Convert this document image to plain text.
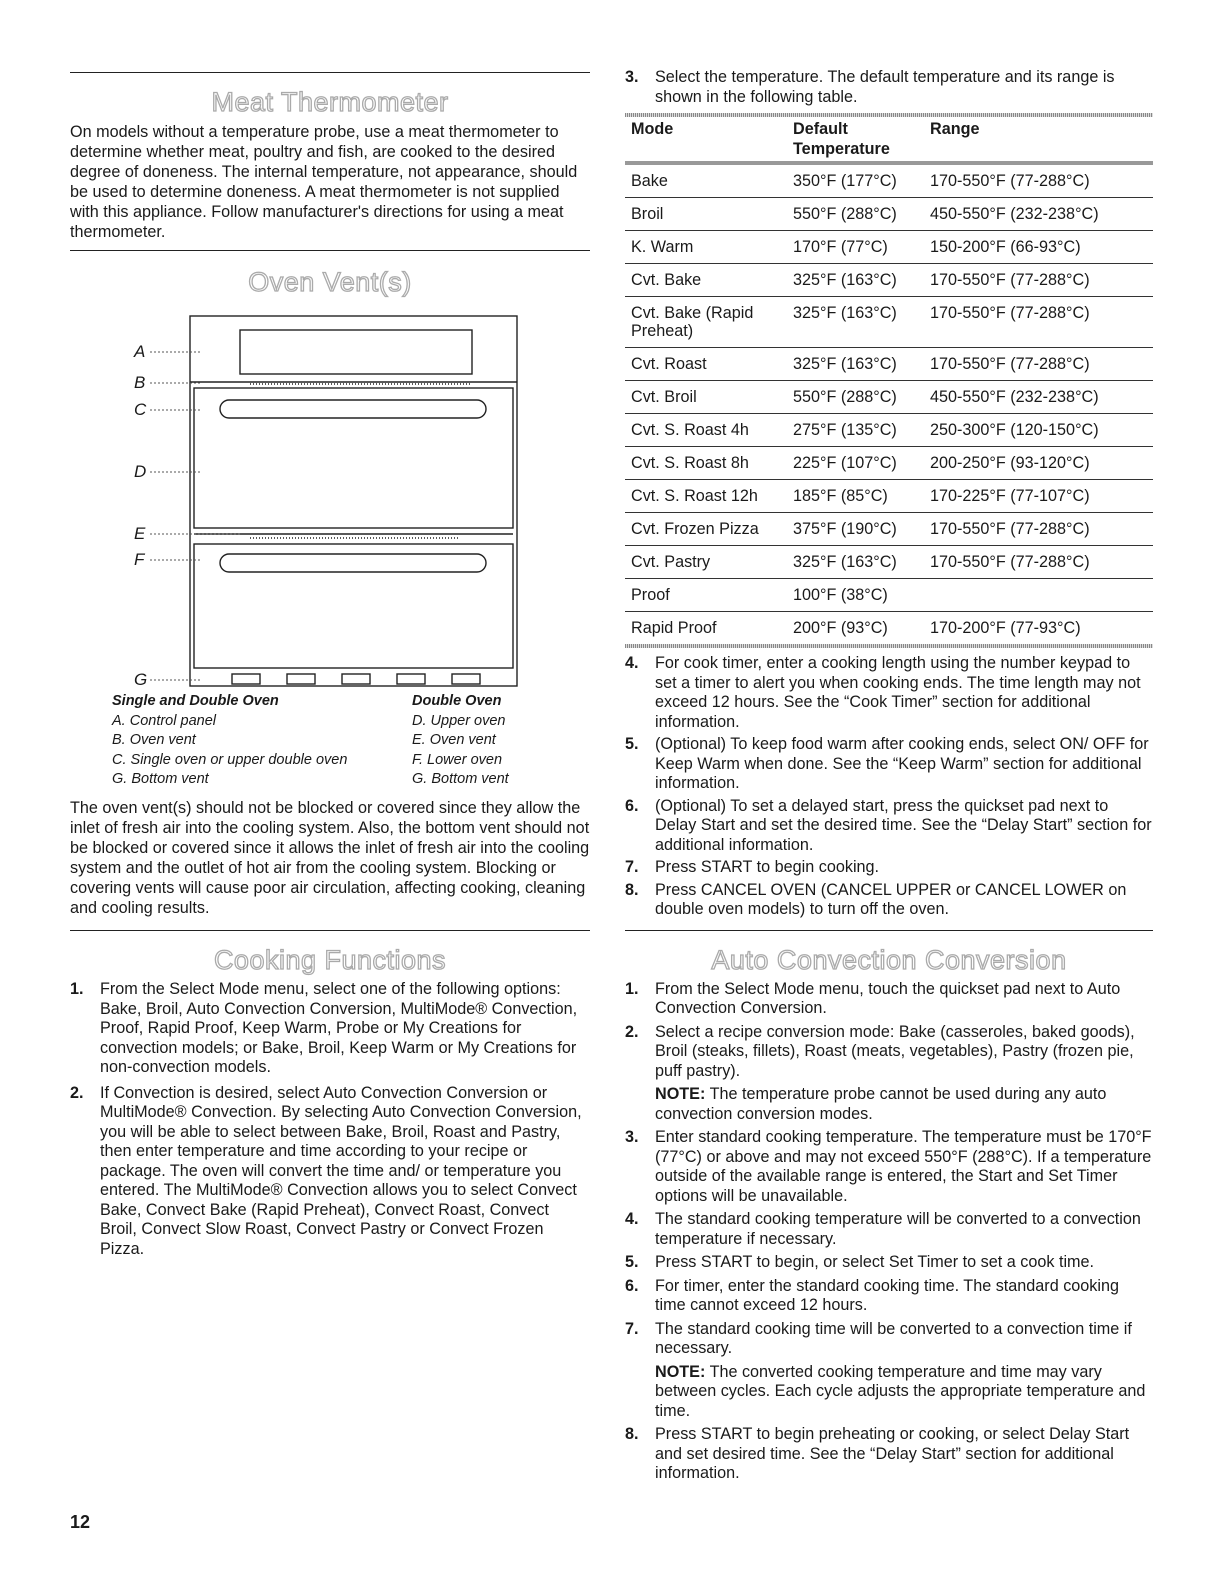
Meat Thermometer

On models without a temperature probe, use a meat thermometer to determine whether meat, poultry and fish, are cooked to the desired degree of doneness. The internal temperature, not appearance, should be used to determine doneness. A meat thermometer is not supplied with this appliance. Follow manufacturer's directions for using a meat thermometer.

Oven Vent(s)
A
B
C
D
E
F
G
Single and Double Oven
A. Control panel
B. Oven vent
C. Single oven or upper double oven
G. Bottom vent
Double Oven
D. Upper oven
E. Oven vent
F. Lower oven
G. Bottom vent

The oven vent(s) should not be blocked or covered since they allow the inlet of fresh air into the cooling system. Also, the bottom vent should not be blocked or covered since it allows the inlet of fresh air into the cooling system and the outlet of hot air from the cooling system. Blocking or covering vents will cause poor air circulation, affecting cooking, cleaning and cooling results.

Cooking Functions
1. From the Select Mode menu, select one of the following options: Bake, Broil, Auto Convection Conversion, MultiMode® Convection, Proof, Rapid Proof, Keep Warm, Probe or My Creations for convection models; or Bake, Broil, Keep Warm or My Creations for non-convection models.
2. If Convection is desired, select Auto Convection Conversion or MultiMode® Convection. By selecting Auto Convection Conversion, you will be able to select between Bake, Broil, Roast and Pastry, then enter temperature and time according to your recipe or package. The oven will convert the time and/ or temperature you entered. The MultiMode® Convection allows you to select Convect Bake, Convect Bake (Rapid Preheat), Convect Roast, Convect Broil, Convect Slow Roast, Convect Pastry or Convect Frozen Pizza.
3. Select the temperature. The default temperature and its range is shown in the following table.
Mode	Default Temperature	Range
Bake	350°F (177°C)	170-550°F (77-288°C)
Broil	550°F (288°C)	450-550°F (232-238°C)
K. Warm	170°F (77°C)	150-200°F (66-93°C)
Cvt. Bake	325°F (163°C)	170-550°F (77-288°C)
Cvt. Bake (Rapid Preheat)	325°F (163°C)	170-550°F (77-288°C)
Cvt. Roast	325°F (163°C)	170-550°F (77-288°C)
Cvt. Broil	550°F (288°C)	450-550°F (232-238°C)
Cvt. S. Roast 4h	275°F (135°C)	250-300°F (120-150°C)
Cvt. S. Roast 8h	225°F (107°C)	200-250°F (93-120°C)
Cvt. S. Roast 12h	185°F (85°C)	170-225°F (77-107°C)
Cvt. Frozen Pizza	375°F (190°C)	170-550°F (77-288°C)
Cvt. Pastry	325°F (163°C)	170-550°F (77-288°C)
Proof	100°F (38°C)	
Rapid Proof	200°F (93°C)	170-200°F (77-93°C)
4. For cook timer, enter a cooking length using the number keypad to set a timer to alert you when cooking ends. The time length may not exceed 12 hours. See the “Cook Timer” section for additional information.
5. (Optional) To keep food warm after cooking ends, select ON/ OFF for Keep Warm when done. See the “Keep Warm” section for additional information.
6. (Optional) To set a delayed start, press the quickset pad next to Delay Start and set the desired time. See the “Delay Start” section for additional information.
7. Press START to begin cooking.
8. Press CANCEL OVEN (CANCEL UPPER or CANCEL LOWER on double oven models) to turn off the oven.
Auto Convection Conversion
1. From the Select Mode menu, touch the quickset pad next to Auto Convection Conversion.
2. Select a recipe conversion mode: Bake (casseroles, baked goods), Broil (steaks, fillets), Roast (meats, vegetables), Pastry (frozen pie, puff pastry).
NOTE: The temperature probe cannot be used during any auto convection conversion modes.
3. Enter standard cooking temperature. The temperature must be 170°F (77°C) or above and may not exceed 550°F (288°C). If a temperature outside of the available range is entered, the Start and Set Timer options will be unavailable.
4. The standard cooking temperature will be converted to a convection temperature if necessary.
5. Press START to begin, or select Set Timer to set a cook time.
6. For timer, enter the standard cooking time. The standard cooking time cannot exceed 12 hours.
7. The standard cooking time will be converted to a convection time if necessary.
NOTE: The converted cooking temperature and time may vary between cycles. Each cycle adjusts the appropriate temperature and time.
8. Press START to begin preheating or cooking, or select Delay Start and set desired time. See the “Delay Start” section for additional information.
12
